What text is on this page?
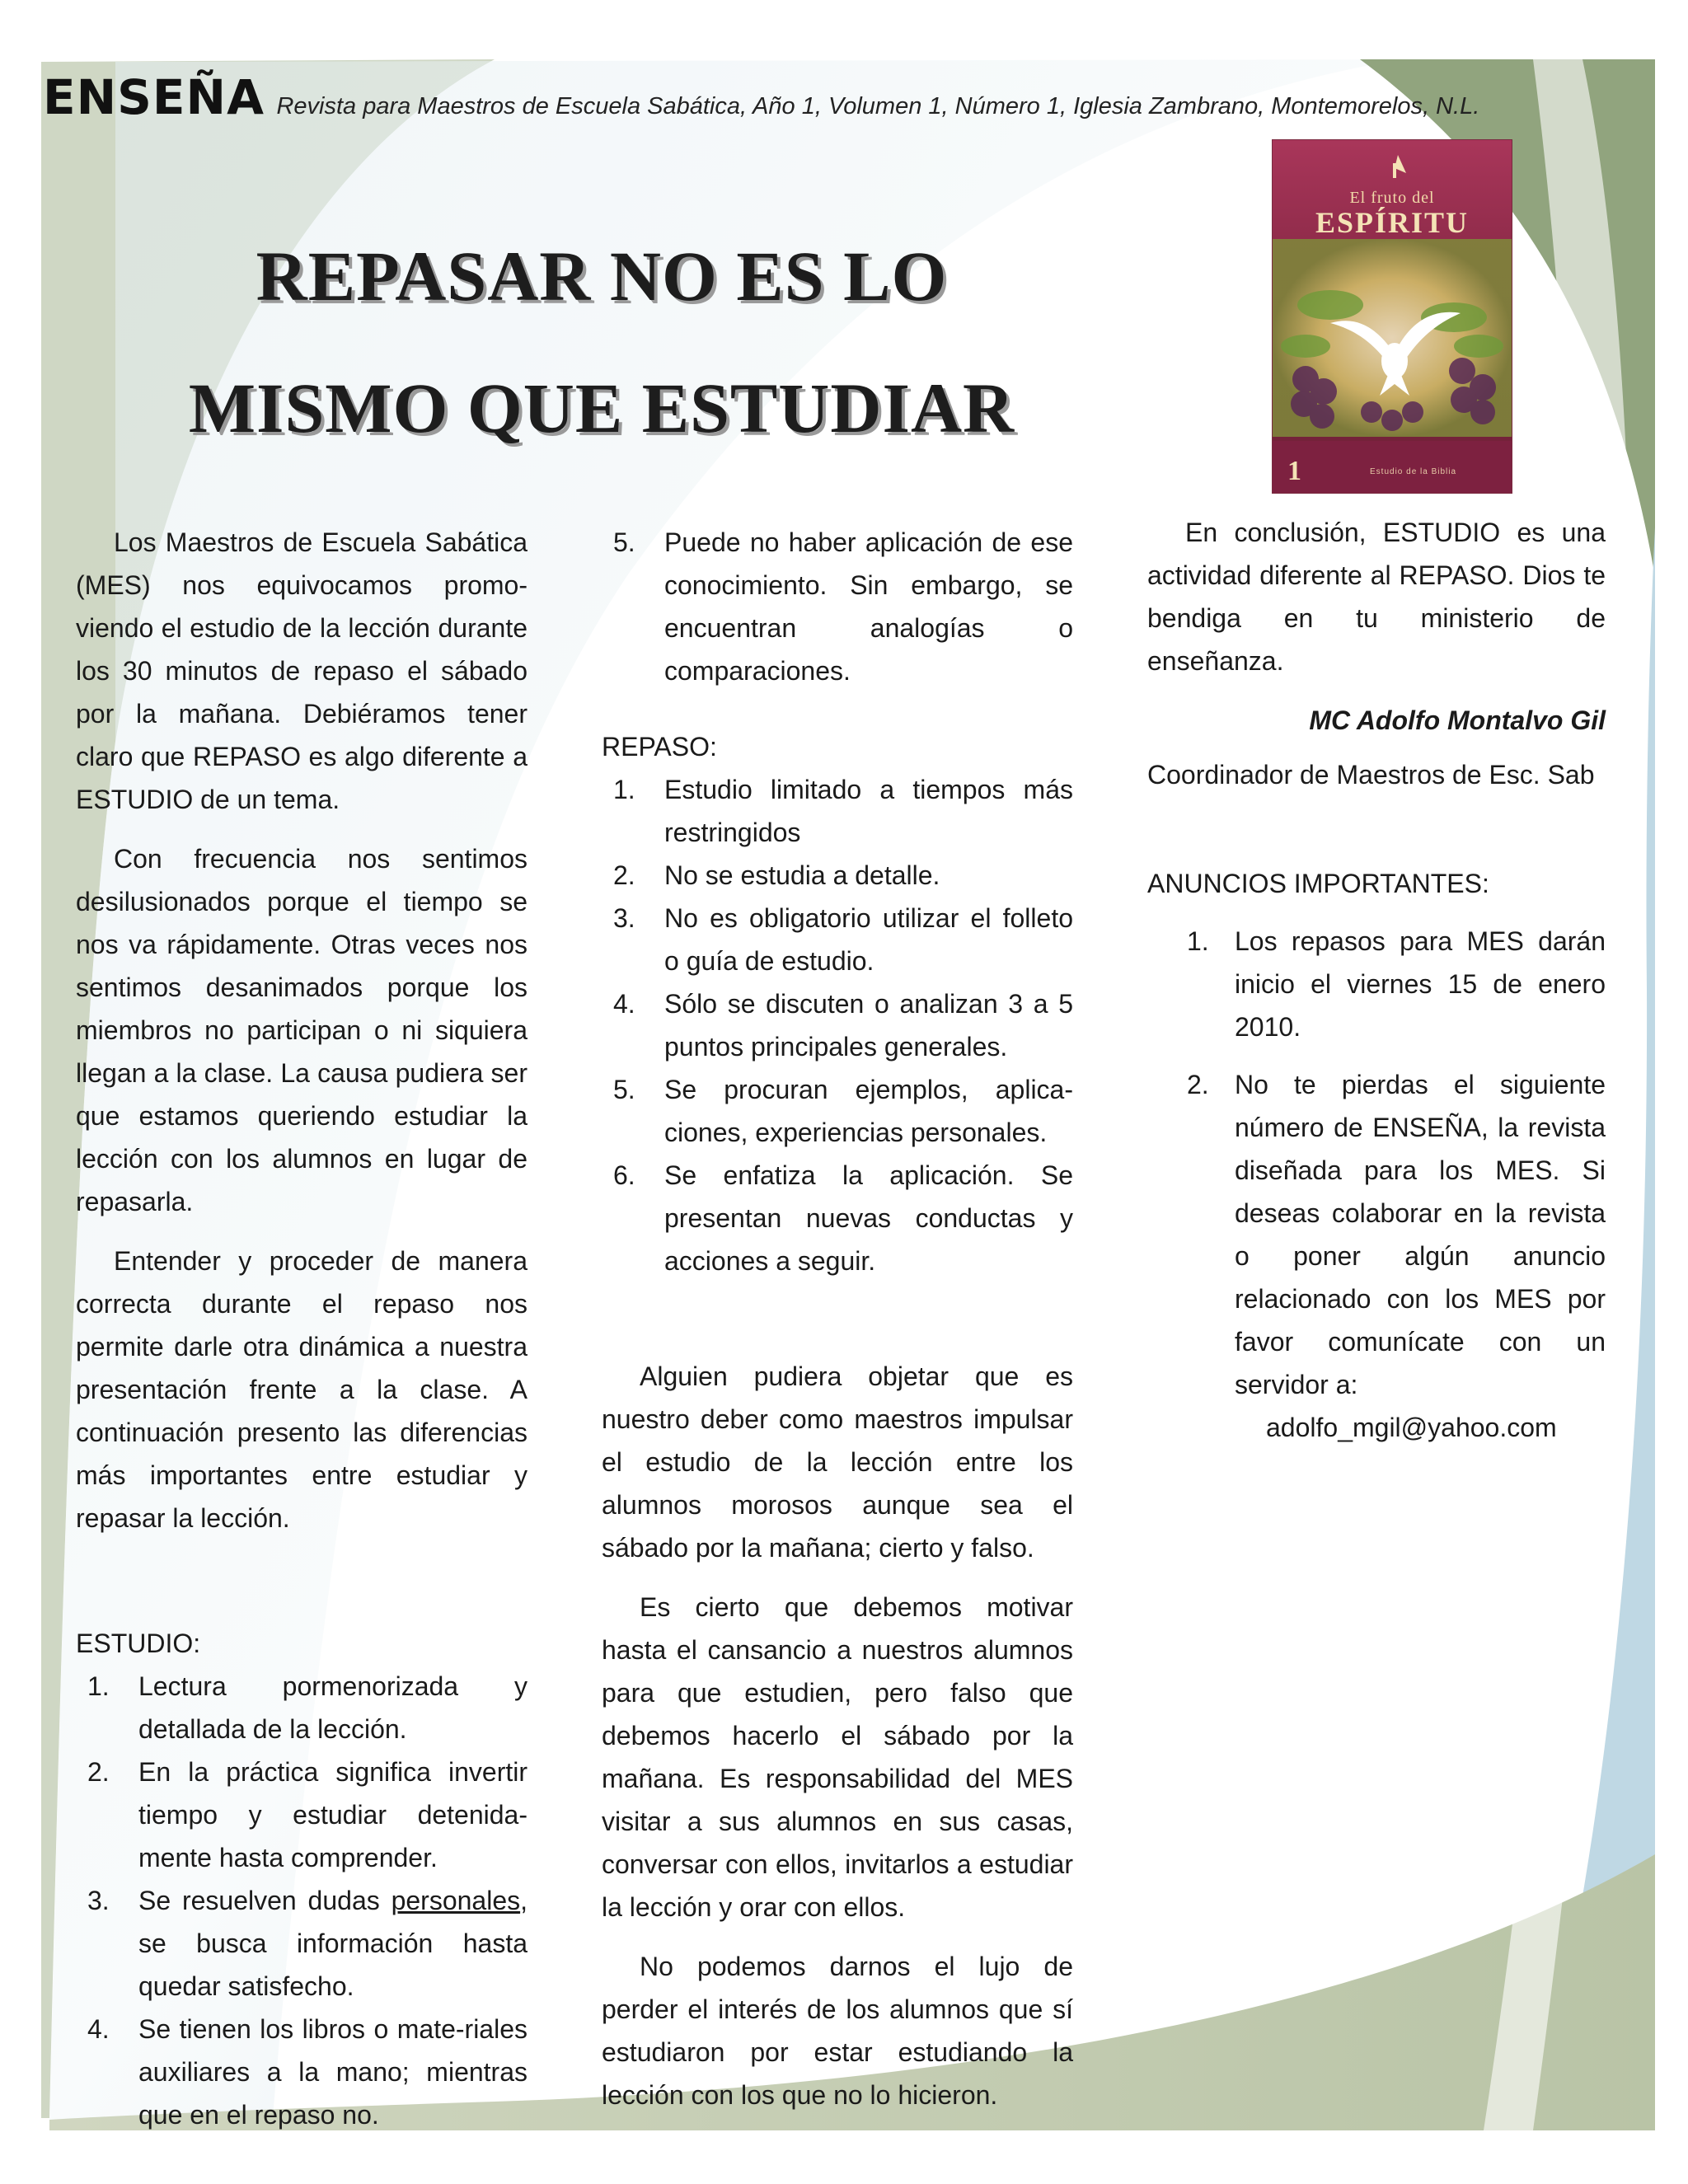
ENSEÑA Revista para Maestros de Escuela Sabática, Año 1, Volumen 1, Número 1, Iglesia Zambrano, Montemorelos, N.L.
REPASAR NO ES LO
MISMO QUE ESTUDIAR
El fruto del
ESPÍRITU
1	Estudio de la Biblia

Los Maestros de Escuela Sabática (MES) nos equivocamos promo-viendo el estudio de la lección durante los 30 minutos de repaso el sábado por la mañana. Debiéramos tener claro que REPASO es algo diferente a ESTUDIO de un tema.

Con frecuencia nos sentimos desilusionados porque el tiempo se nos va rápidamente. Otras veces nos sentimos desanimados porque los miembros no participan o ni siquiera llegan a la clase. La causa pudiera ser que estamos queriendo estudiar la lección con los alumnos en lugar de repasarla.

Entender y proceder de manera correcta durante el repaso nos permite darle otra dinámica a nuestra presentación frente a la clase. A continuación presento las diferencias más importantes entre estudiar y repasar la lección.

ESTUDIO:

1.	Lectura pormenorizada y detallada de la lección.
2.	En la práctica significa invertir tiempo y estudiar detenida-mente hasta comprender.
3.	Se resuelven dudas personales, se busca información hasta quedar satisfecho.
4.	Se tienen los libros o mate-riales auxiliares a la mano; mientras que en el repaso no.
5.	Puede no haber aplicación de ese conocimiento. Sin embargo, se encuentran analogías o comparaciones.

REPASO:

1.	Estudio limitado a tiempos más restringidos
2.	No se estudia a detalle.
3.	No es obligatorio utilizar el folleto o guía de estudio.
4.	Sólo se discuten o analizan 3 a 5 puntos principales generales.
5.	Se procuran ejemplos, aplica-ciones, experiencias personales.
6.	Se enfatiza la aplicación. Se presentan nuevas conductas y acciones a seguir.

Alguien pudiera objetar que es nuestro deber como maestros impulsar el estudio de la lección entre los alumnos morosos aunque sea el sábado por la mañana; cierto y falso.

Es cierto que debemos motivar hasta el cansancio a nuestros alumnos para que estudien, pero falso que debemos hacerlo el sábado por la mañana. Es responsabilidad del MES visitar a sus alumnos en sus casas, conversar con ellos, invitarlos a estudiar la lección y orar con ellos.

No podemos darnos el lujo de perder el interés de los alumnos que sí estudiaron por estar estudiando la lección con los que no lo hicieron.

En conclusión, ESTUDIO es una actividad diferente al REPASO. Dios te bendiga en tu ministerio de enseñanza.

MC Adolfo Montalvo Gil
Coordinador de Maestros de Esc. Sab

ANUNCIOS IMPORTANTES:

1. Los repasos para MES darán inicio el viernes 15 de enero 2010.
2. No te pierdas el siguiente número de ENSEÑA, la revista diseñada para los MES. Si deseas colaborar en la revista o poner algún anuncio relacionado con los MES por favor comunícate con un servidor a:
adolfo_mgil@yahoo.com
